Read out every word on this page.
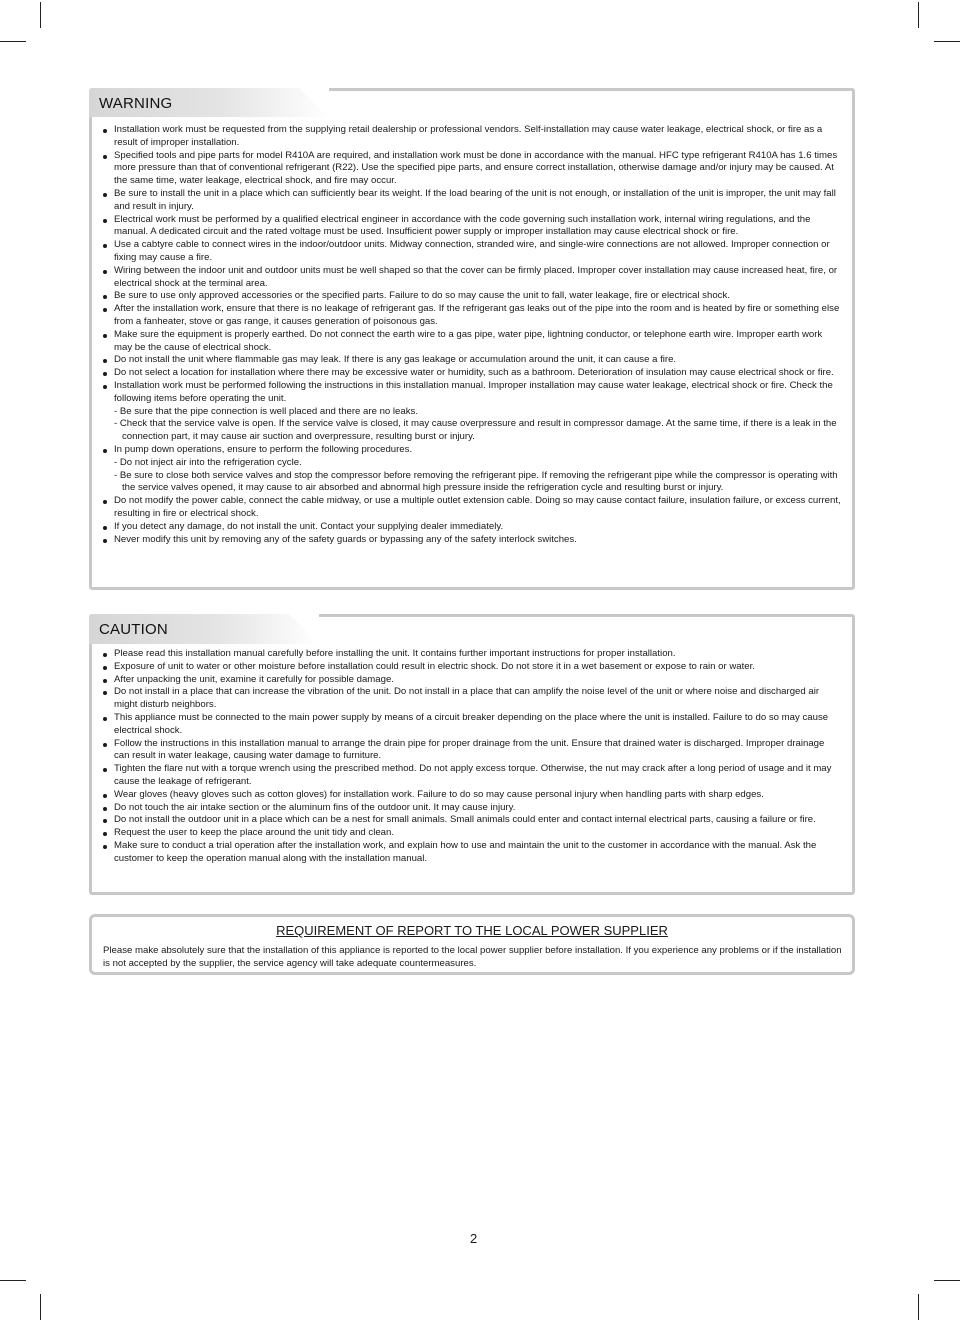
WARNING
Installation work must be requested from the supplying retail dealership or professional vendors. Self-installation may cause water leakage, electrical shock, or fire as a result of improper installation.
Specified tools and pipe parts for model R410A are required, and installation work must be done in accordance with the manual. HFC type refrigerant R410A has 1.6 times more pressure than that of conventional refrigerant (R22). Use the specified pipe parts, and ensure correct installation, otherwise damage and/or injury may be caused. At the same time, water leakage, electrical shock, and fire may occur.
Be sure to install the unit in a place which can sufficiently bear its weight. If the load bearing of the unit is not enough, or installation of the unit is improper, the unit may fall and result in injury.
Electrical work must be performed by a qualified electrical engineer in accordance with the code governing such installation work, internal wiring regulations, and the manual. A dedicated circuit and the rated voltage must be used. Insufficient power supply or improper installation may cause electrical shock or fire.
Use a cabtyre cable to connect wires in the indoor/outdoor units. Midway connection, stranded wire, and single-wire connections are not allowed. Improper connection or fixing may cause a fire.
Wiring between the indoor unit and outdoor units must be well shaped so that the cover can be firmly placed. Improper cover installation may cause increased heat, fire, or electrical shock at the terminal area.
Be sure to use only approved accessories or the specified parts. Failure to do so may cause the unit to fall, water leakage, fire or electrical shock.
After the installation work, ensure that there is no leakage of refrigerant gas. If the refrigerant gas leaks out of the pipe into the room and is heated by fire or something else from a fanheater, stove or gas range, it causes generation of poisonous gas.
Make sure the equipment is properly earthed. Do not connect the earth wire to a gas pipe, water pipe, lightning conductor, or telephone earth wire. Improper earth work may be the cause of electrical shock.
Do not install the unit where flammable gas may leak. If there is any gas leakage or accumulation around the unit, it can cause a fire.
Do not select a location for installation where there may be excessive water or humidity, such as a bathroom. Deterioration of insulation may cause electrical shock or fire.
Installation work must be performed following the instructions in this installation manual. Improper installation may cause water leakage, electrical shock or fire. Check the following items before operating the unit.
- Be sure that the pipe connection is well placed and there are no leaks.
- Check that the service valve is open. If the service valve is closed, it may cause overpressure and result in compressor damage. At the same time, if there is a leak in the connection part, it may cause air suction and overpressure, resulting burst or injury.
In pump down operations, ensure to perform the following procedures.
- Do not inject air into the refrigeration cycle.
- Be sure to close both service valves and stop the compressor before removing the refrigerant pipe. If removing the refrigerant pipe while the compressor is operating with the service valves opened, it may cause to air absorbed and abnormal high pressure inside the refrigeration cycle and resulting burst or injury.
Do not modify the power cable, connect the cable midway, or use a multiple outlet extension cable. Doing so may cause contact failure, insulation failure, or excess current, resulting in fire or electrical shock.
If you detect any damage, do not install the unit. Contact your supplying dealer immediately.
Never modify this unit by removing any of the safety guards or bypassing any of the safety interlock switches.
CAUTION
Please read this installation manual carefully before installing the unit. It contains further important instructions for proper installation.
Exposure of unit to water or other moisture before installation could result in electric shock. Do not store it in a wet basement or expose to rain or water.
After unpacking the unit, examine it carefully for possible damage.
Do not install in a place that can increase the vibration of the unit. Do not install in a place that can amplify the noise level of the unit or where noise and discharged air might disturb neighbors.
This appliance must be connected to the main power supply by means of a circuit breaker depending on the place where the unit is installed. Failure to do so may cause electrical shock.
Follow the instructions in this installation manual to arrange the drain pipe for proper drainage from the unit. Ensure that drained water is discharged. Improper drainage can result in water leakage, causing water damage to furniture.
Tighten the flare nut with a torque wrench using the prescribed method. Do not apply excess torque. Otherwise, the nut may crack after a long period of usage and it may cause the leakage of refrigerant.
Wear gloves (heavy gloves such as cotton gloves) for installation work. Failure to do so may cause personal injury when handling parts with sharp edges.
Do not touch the air intake section or the aluminum fins of the outdoor unit. It may cause injury.
Do not install the outdoor unit in a place which can be a nest for small animals. Small animals could enter and contact internal electrical parts, causing a failure or fire.
Request the user to keep the place around the unit tidy and clean.
Make sure to conduct a trial operation after the installation work, and explain how to use and maintain the unit to the customer in accordance with the manual. Ask the customer to keep the operation manual along with the installation manual.
REQUIREMENT OF REPORT TO THE LOCAL POWER SUPPLIER
Please make absolutely sure that the installation of this appliance is reported to the local power supplier before installation. If you experience any problems or if the installation is not accepted by the supplier, the service agency will take adequate countermeasures.
2
